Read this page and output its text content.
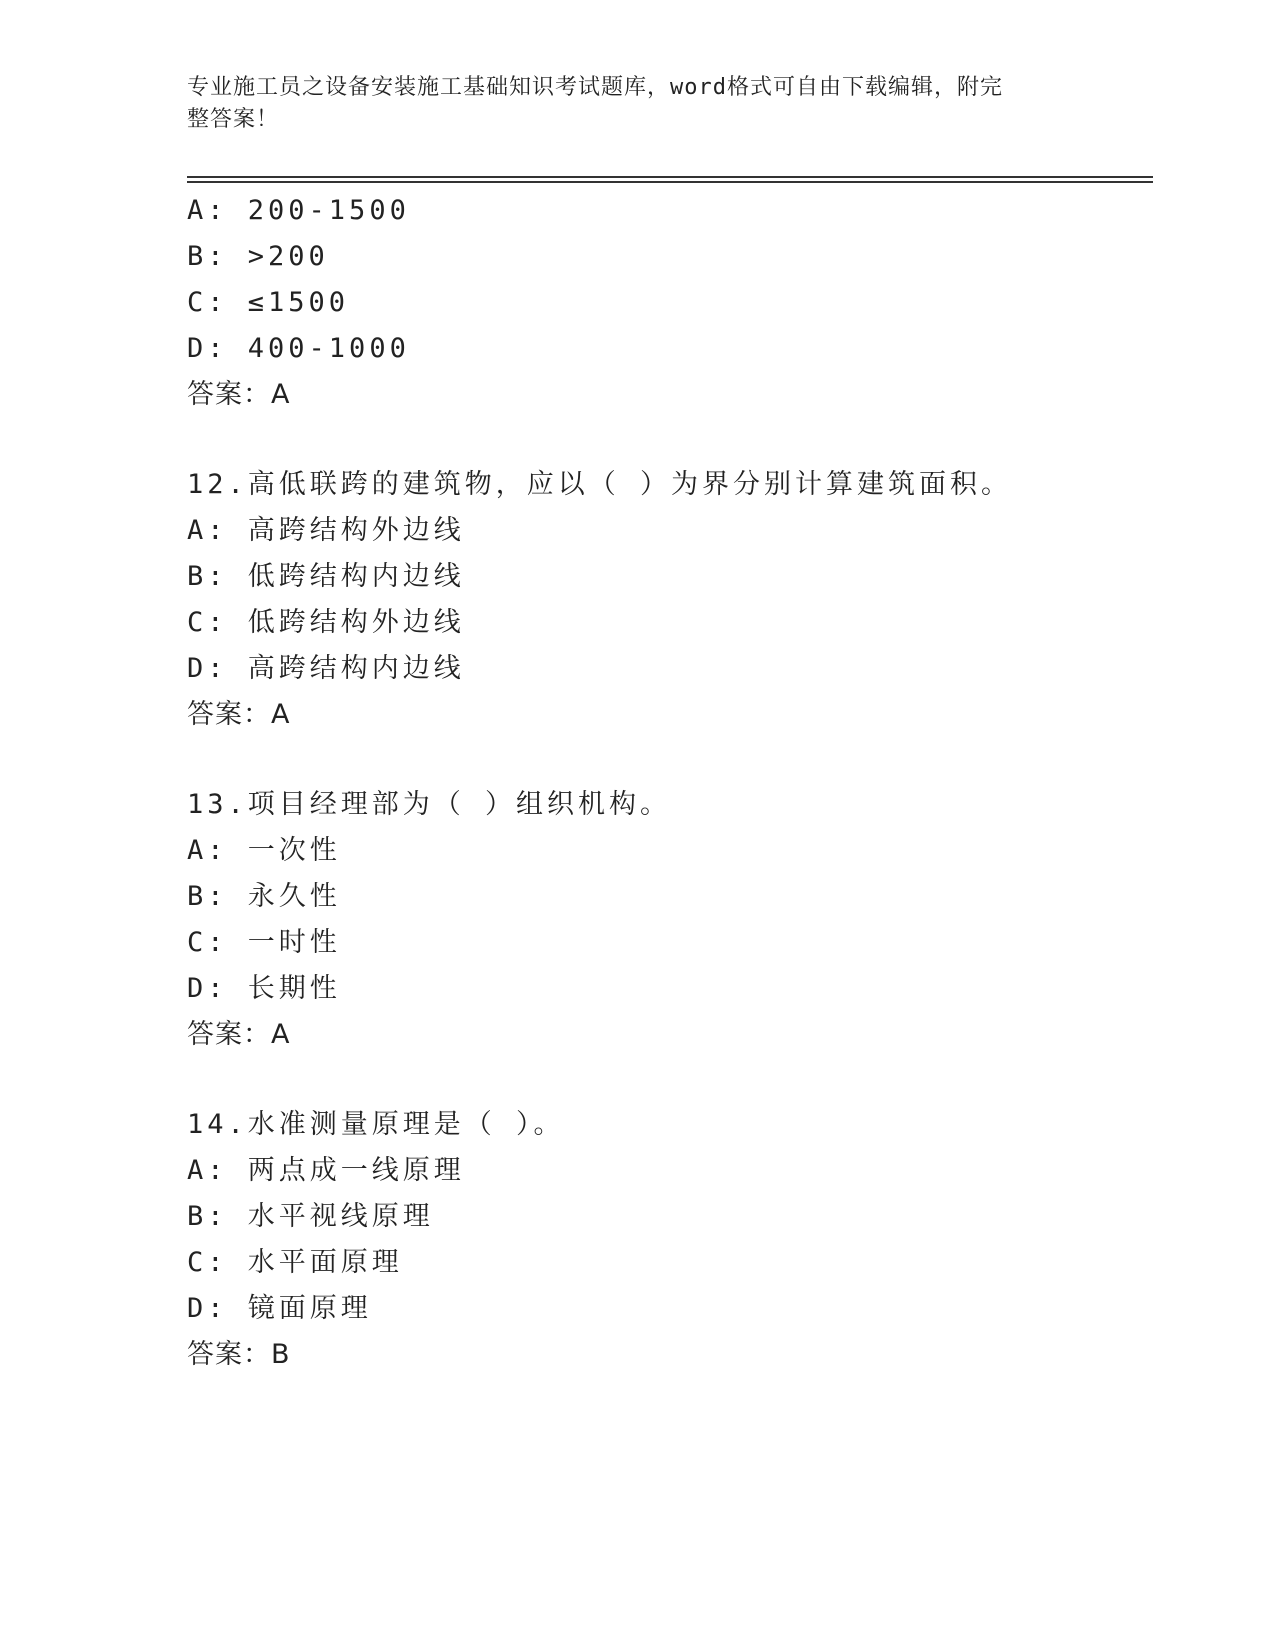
专业施工员之设备安装施工基础知识考试题库，word格式可自由下载编辑，附完
整答案！
A: 200-1500
B: >200
C: ≤1500
D: 400-1000
答案：A
12.高低联跨的建筑物，应以（ ）为界分别计算建筑面积。
A: 高跨结构外边线
B: 低跨结构内边线
C: 低跨结构外边线
D: 高跨结构内边线
答案：A
13.项目经理部为（ ）组织机构。
A: 一次性
B: 永久性
C: 一时性
D: 长期性
答案：A
14.水准测量原理是（ ）。
A: 两点成一线原理
B: 水平视线原理
C: 水平面原理
D: 镜面原理
答案：B
